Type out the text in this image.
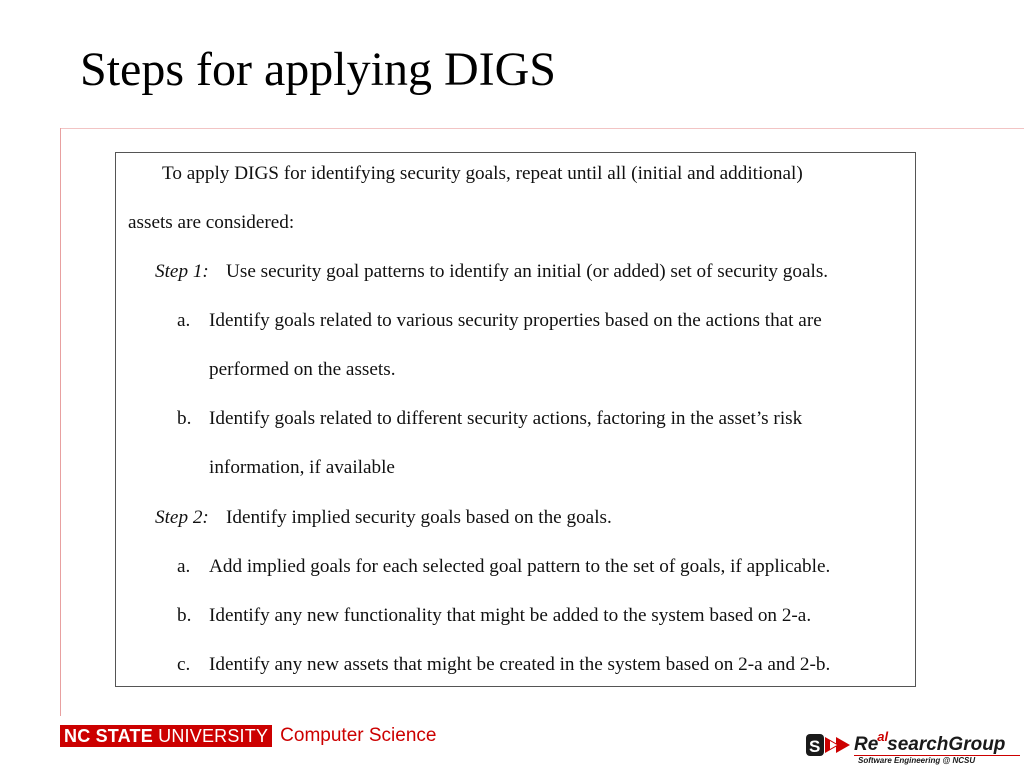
Steps for applying DIGS
To apply DIGS for identifying security goals, repeat until all (initial and additional)
assets are considered:
Step 1: Use security goal patterns to identify an initial (or added) set of security goals.
a. Identify goals related to various security properties based on the actions that are
performed on the assets.
b. Identify goals related to different security actions, factoring in the asset’s risk
information, if available
Step 2: Identify implied security goals based on the goals.
a. Add implied goals for each selected goal pattern to the set of goals, if applicable.
b. Identify any new functionality that might be added to the system based on 2-a.
c. Identify any new assets that might be created in the system based on 2-a and 2-b.
NC STATE UNIVERSITY Computer Science
S $Re^{al}searchGroup$
Software Engineering @ NCSU
